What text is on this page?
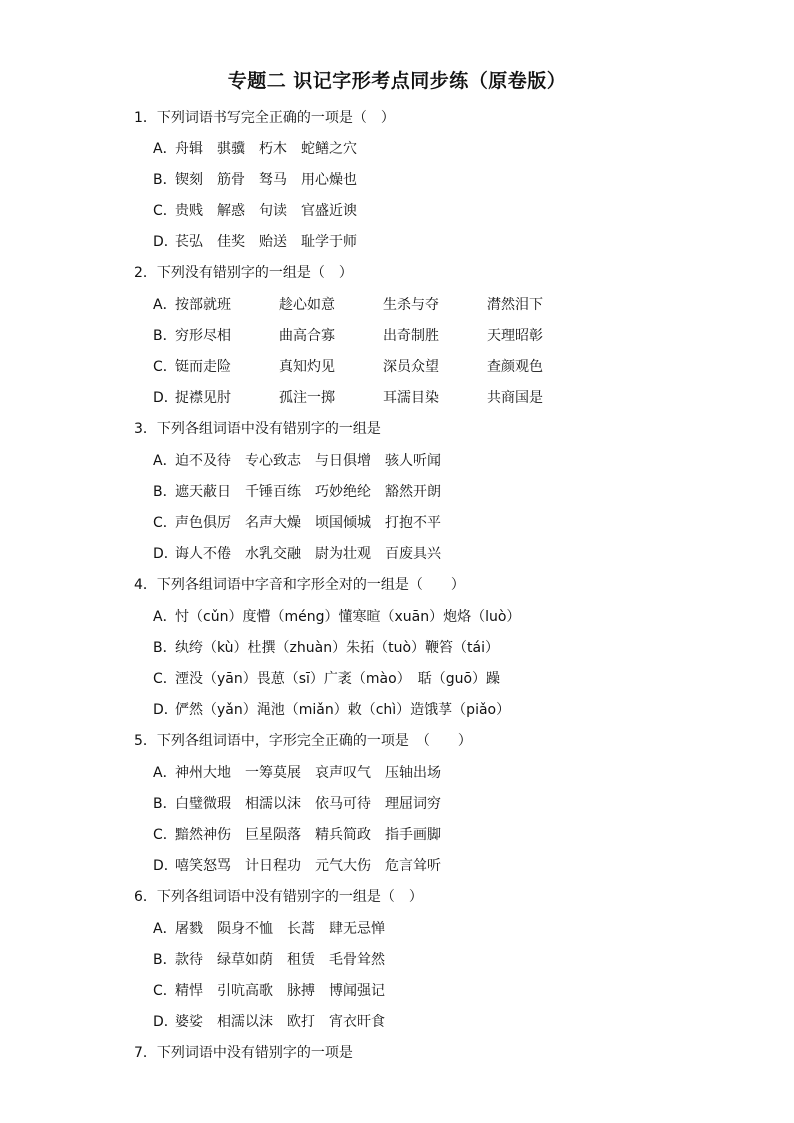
专题二 识记字形考点同步练（原卷版）
1．下列词语书写完全正确的一项是（　）
A．舟辑 骐骥 朽木 蛇鳝之穴
B．锲刻 筋骨 驽马 用心燥也
C．贵贱 解惑 句读 官盛近谀
D．苌弘 佳奖 贻送 耻学于师
2．下列没有错别字的一组是（　）
A．
按部就班	趁心如意	生杀与夺	潸然泪下
B．
穷形尽相	曲高合寡	出奇制胜	天理昭彰
C．
铤而走险	真知灼见	深员众望	查颜观色
D．
捉襟见肘	孤注一掷	耳濡目染	共商国是
3．下列各组词语中没有错别字的一组是
A．迫不及待 专心致志 与日俱增 骇人听闻
B．遮天蔽日 千锤百练 巧妙绝纶 豁然开朗
C．声色俱厉 名声大燥 顷国倾城 打抱不平
D．诲人不倦 水乳交融 尉为壮观 百废具兴
4．下列各组词语中字音和字形全对的一组是（　　）
A．忖（cǔn）度懵（méng）懂寒暄（xuān）炮烙（luò）
B．纨绔（kù）杜撰（zhuàn）朱拓（tuò）鞭笞（tái）
C．湮没（yān）畏葸（sī）广袤（mào）　聒（guō）躁
D．俨然（yǎn）渑池（miǎn）敕（chì）造饿莩（piǎo）
5．下列各组词语中，字形完全正确的一项是　（　　）
A．神州大地 一筹莫展 哀声叹气 压轴出场
B．白璧微瑕 相濡以沫 依马可待 理屈词穷
C．黯然神伤 巨星陨落 精兵简政 指手画脚
D．嘻笑怒骂 计日程功 元气大伤 危言耸听
6．下列各组词语中没有错别字的一组是（　）
A．屠戮 陨身不恤 长蒿 肆无忌惮
B．款待 绿草如荫 租赁 毛骨耸然
C．精悍 引吭高歌 脉搏 博闻强记
D．婆娑 相濡以沫 欧打 宵衣旰食
7．下列词语中没有错别字的一项是
